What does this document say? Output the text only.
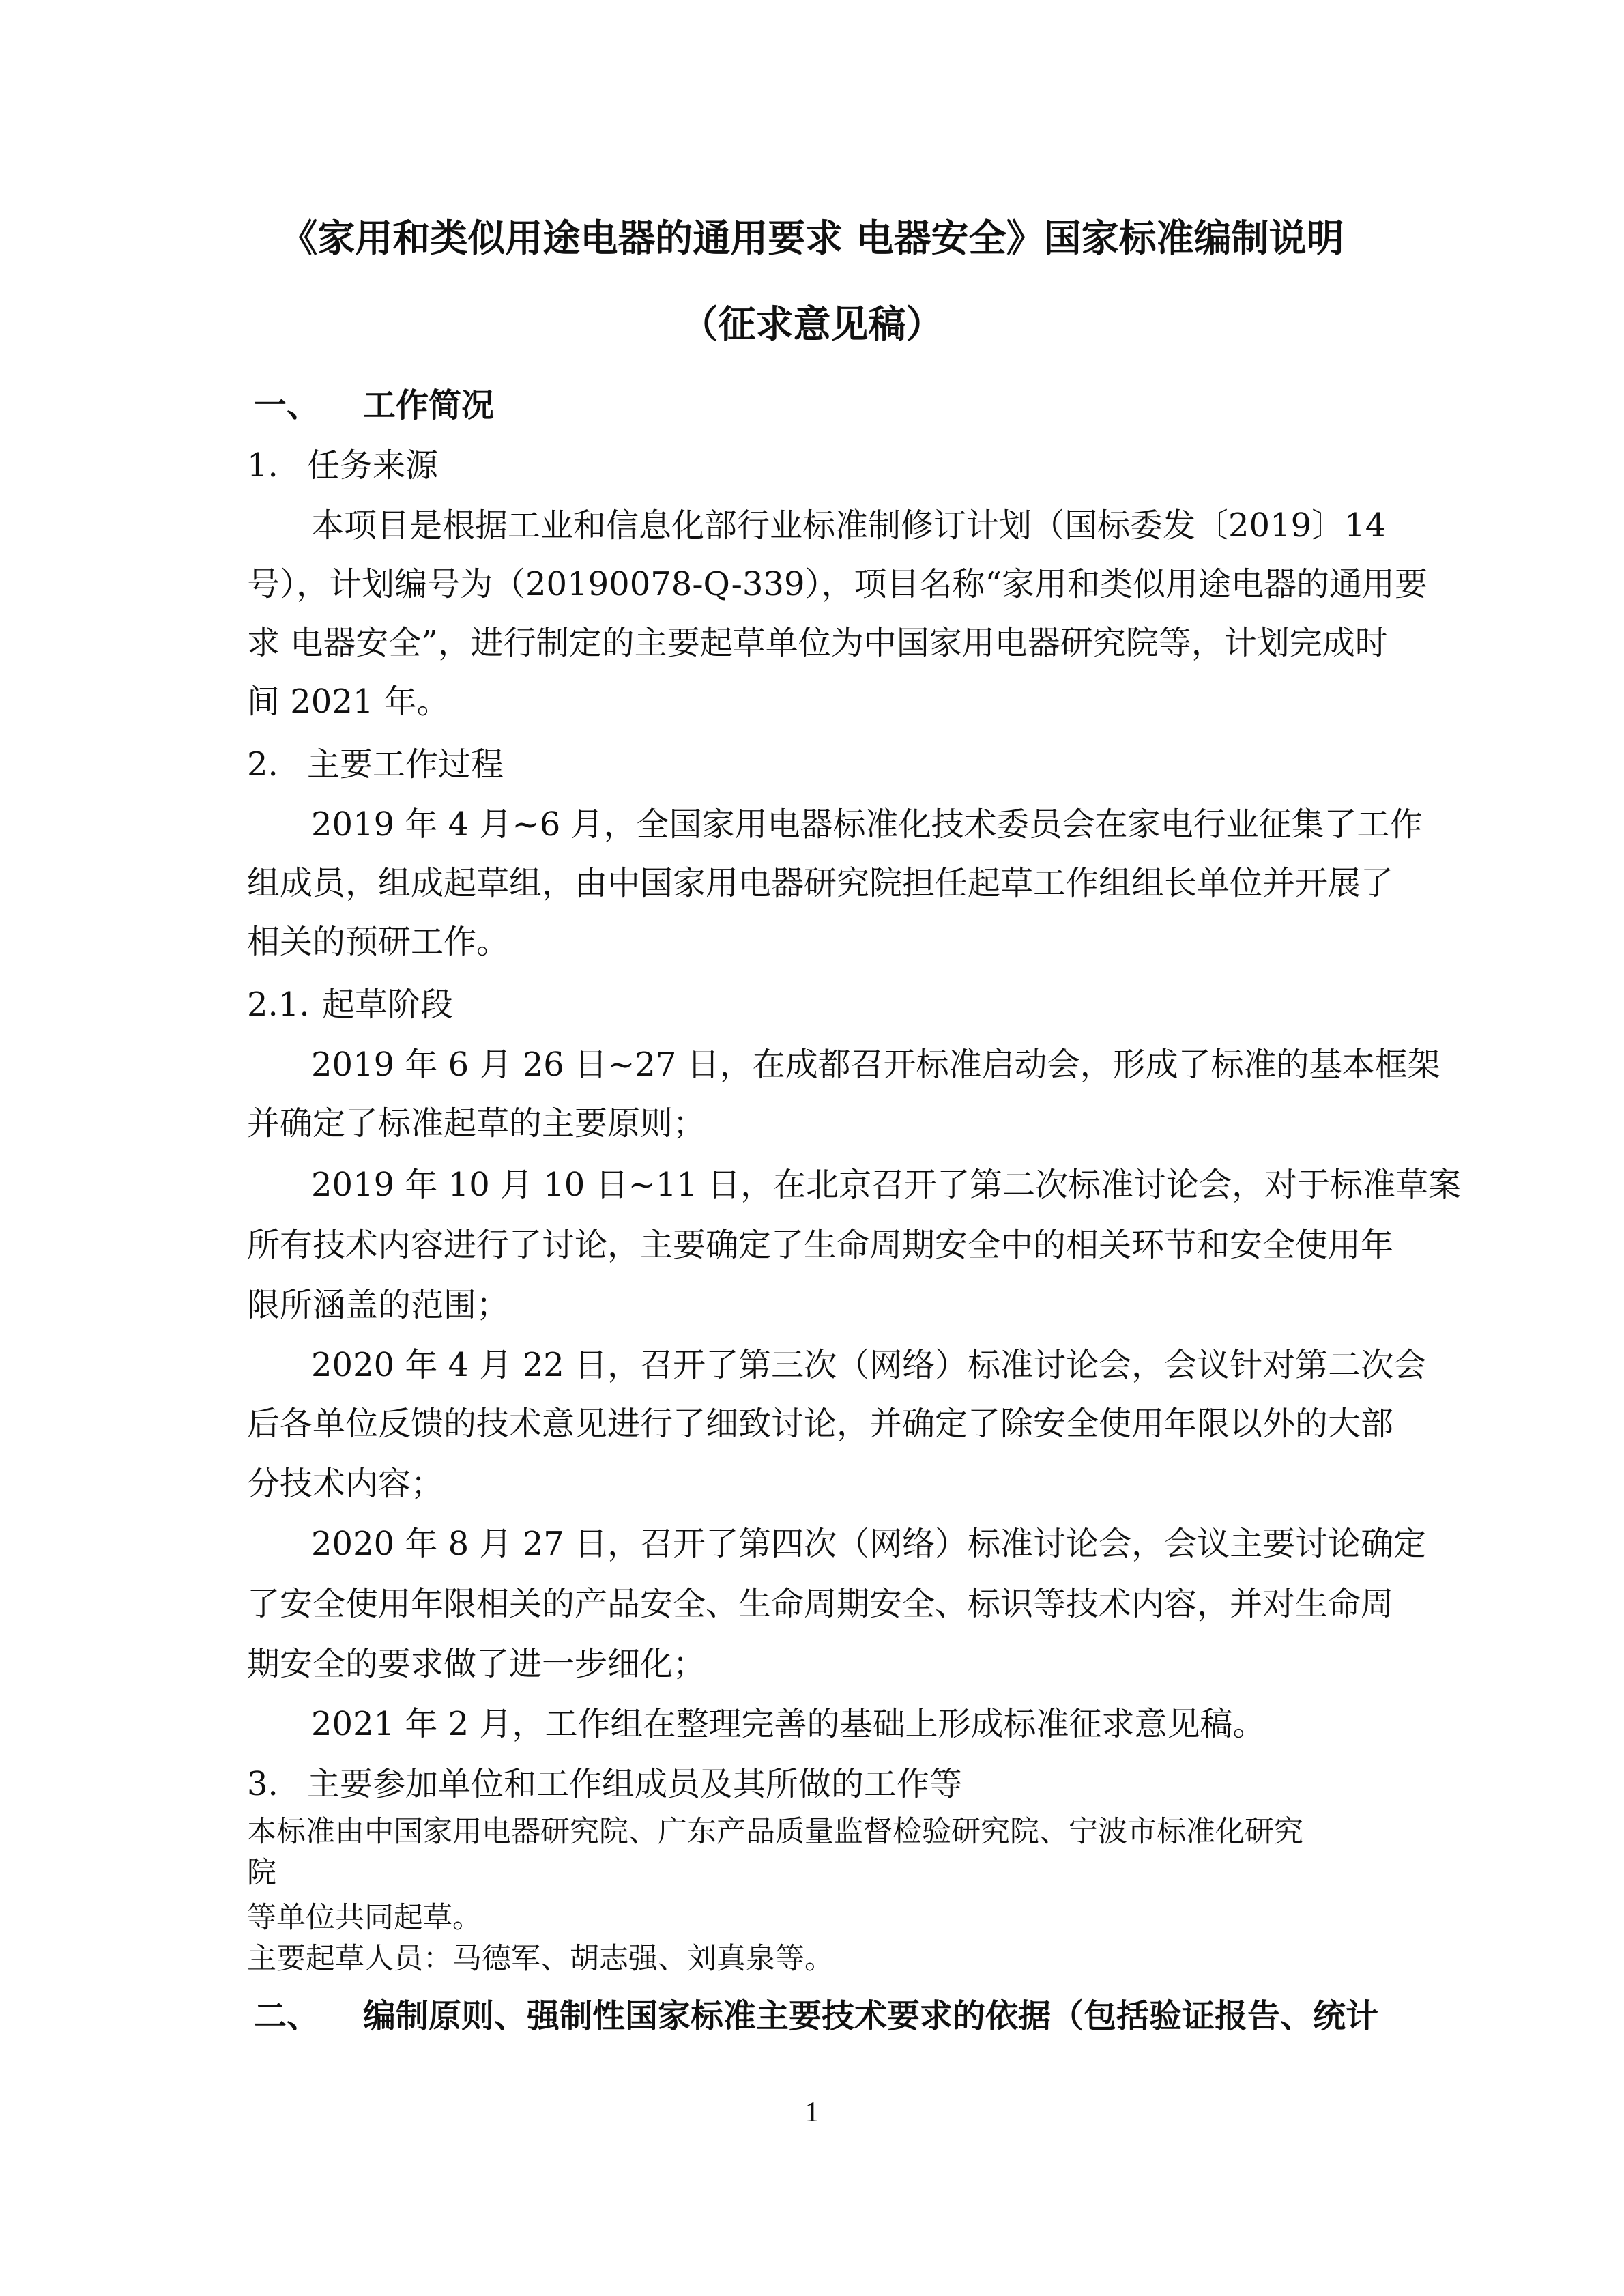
《家用和类似用途电器的通用要求 电器安全》国家标准编制说明
（征求意见稿）
一、 工作简况
1. 任务来源
本项目是根据工业和信息化部行业标准制修订计划（国标委发〔2019〕14
号），计划编号为（20190078-Q-339），项目名称“家用和类似用途电器的通用要
求 电器安全”，进行制定的主要起草单位为中国家用电器研究院等，计划完成时
间 2021 年。
2. 主要工作过程
2019 年 4 月~6 月，全国家用电器标准化技术委员会在家电行业征集了工作
组成员，组成起草组，由中国家用电器研究院担任起草工作组组长单位并开展了
相关的预研工作。
2.1. 起草阶段
2019 年 6 月 26 日~27 日，在成都召开标准启动会，形成了标准的基本框架
并确定了标准起草的主要原则；
2019 年 10 月 10 日~11 日，在北京召开了第二次标准讨论会，对于标准草案
所有技术内容进行了讨论，主要确定了生命周期安全中的相关环节和安全使用年
限所涵盖的范围；
2020 年 4 月 22 日，召开了第三次（网络）标准讨论会，会议针对第二次会
后各单位反馈的技术意见进行了细致讨论，并确定了除安全使用年限以外的大部
分技术内容；
2020 年 8 月 27 日，召开了第四次（网络）标准讨论会，会议主要讨论确定
了安全使用年限相关的产品安全、生命周期安全、标识等技术内容，并对生命周
期安全的要求做了进一步细化；
2021 年 2 月，工作组在整理完善的基础上形成标准征求意见稿。
3. 主要参加单位和工作组成员及其所做的工作等
本标准由中国家用电器研究院、广东产品质量监督检验研究院、宁波市标准化研究
院
等单位共同起草。
主要起草人员：马德军、胡志强、刘真泉等。
二、 编制原则、强制性国家标准主要技术要求的依据（包括验证报告、统计
1
